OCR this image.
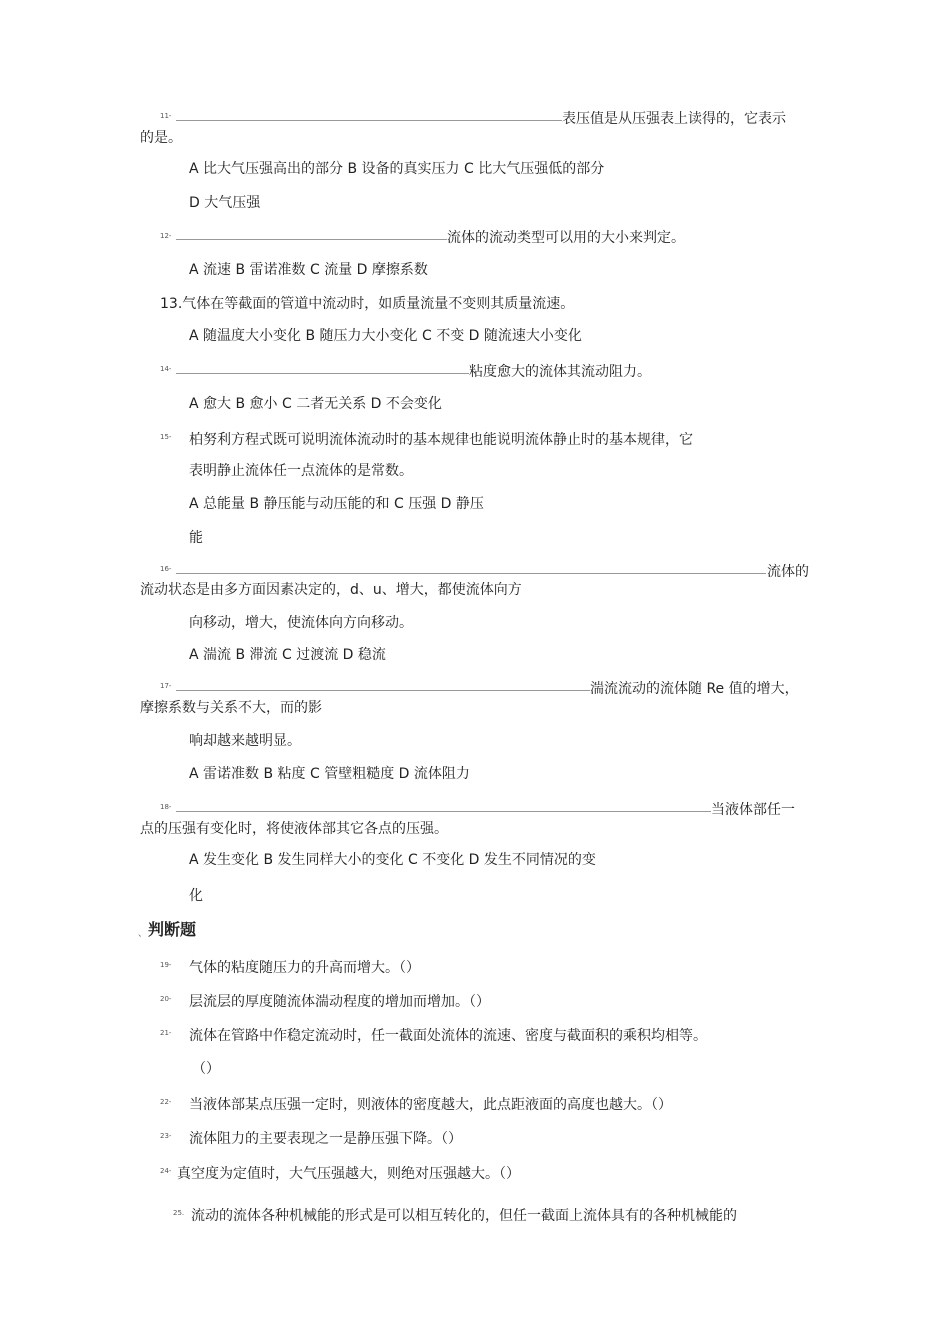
11-	表压值是从压强表上读得的，它表示
的是。
A 比大气压强高出的部分 B 设备的真实压力 C 比大气压强低的部分
D 大气压强
12-	流体的流动类型可以用的大小来判定。
A 流速 B 雷诺准数 C 流量 D 摩擦系数
13.气体在等截面的管道中流动时，如质量流量不变则其质量流速。
A 随温度大小变化 B 随压力大小变化 C 不变 D 随流速大小变化
14-	粘度愈大的流体其流动阻力。
A 愈大 B 愈小 C 二者无关系 D 不会变化
15- 柏努利方程式既可说明流体流动时的基本规律也能说明流体静止时的基本规律，它
表明静止流体任一点流体的是常数。
A 总能量 B 静压能与动压能的和 C 压强 D 静压
能
16-	流体的
流动状态是由多方面因素决定的，d、u、增大，都使流体向方
向移动，增大，使流体向方向移动。
A 湍流 B 滞流 C 过渡流 D 稳流
17-	湍流流动的流体随 Re 值的增大，
摩擦系数与关系不大，而的影
响却越来越明显。
A 雷诺准数 B 粘度 C 管壁粗糙度 D 流体阻力
18-	当液体部任一
点的压强有变化时，将使液体部其它各点的压强。
A 发生变化 B 发生同样大小的变化 C 不变化 D 发生不同情况的变
化
、 判断题
19- 气体的粘度随压力的升高而增大。（）
20- 层流层的厚度随流体湍动程度的增加而增加。（）
21- 流体在管路中作稳定流动时，任一截面处流体的流速、密度与截面积的乘积均相等。
（）
22- 当液体部某点压强一定时，则液体的密度越大，此点距液面的高度也越大。（）
23- 流体阻力的主要表现之一是静压强下降。（）
24- 真空度为定值时，大气压强越大，则绝对压强越大。（）
25. 流动的流体各种机械能的形式是可以相互转化的，但任一截面上流体具有的各种机械能的
